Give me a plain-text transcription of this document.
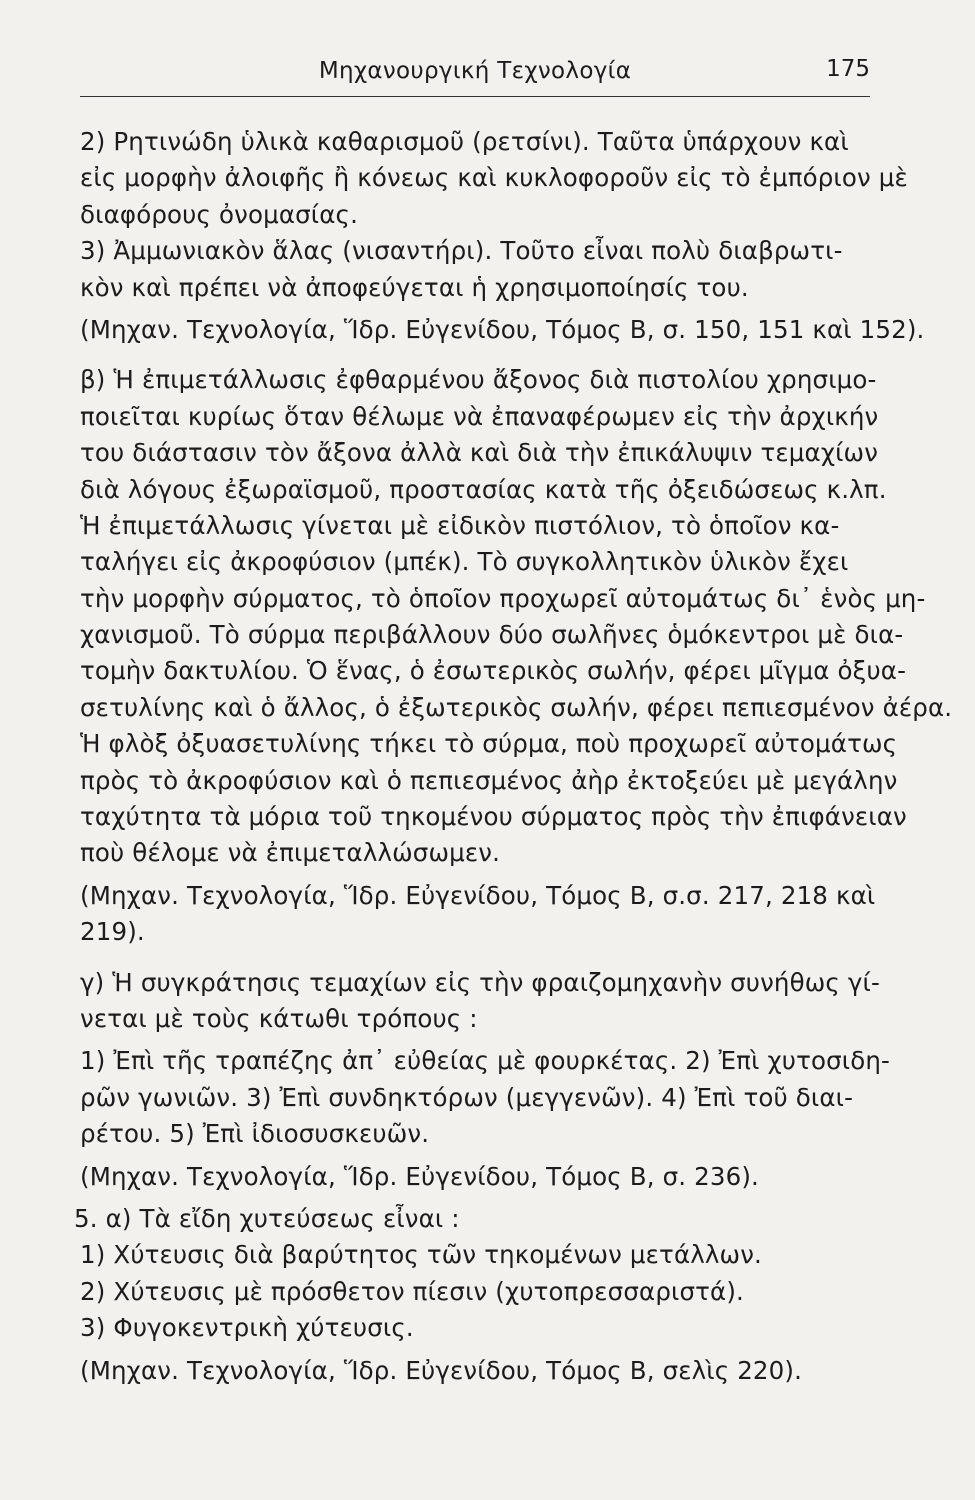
Μηχανουργική Τεχνολογία	175
2) Ρητινώδη ὑλικὰ καθαρισμοῦ (ρετσίνι). Ταῦτα ὑπάρχουν καὶ
εἰς μορφὴν ἀλοιφῆς ἢ κόνεως καὶ κυκλοφοροῦν εἰς τὸ ἐμπόριον μὲ
διαφόρους ὀνομασίας.
3) Ἀμμωνιακὸν ἅλας (νισαντήρι). Τοῦτο εἶναι πολὺ διαβρωτι-
κὸν καὶ πρέπει νὰ ἀποφεύγεται ἡ χρησιμοποίησίς του.
(Μηχαν. Τεχνολογία, Ἵδρ. Εὐγενίδου, Τόμος Β, σ. 150, 151 καὶ 152).
β) Ἡ ἐπιμετάλλωσις ἐφθαρμένου ἄξονος διὰ πιστολίου χρησιμο-
ποιεῖται κυρίως ὅταν θέλωμε νὰ ἐπαναφέρωμεν εἰς τὴν ἀρχικήν
του διάστασιν τὸν ἄξονα ἀλλὰ καὶ διὰ τὴν ἐπικάλυψιν τεμαχίων
διὰ λόγους ἐξωραϊσμοῦ, προστασίας κατὰ τῆς ὀξειδώσεως κ.λπ.
Ἡ ἐπιμετάλλωσις γίνεται μὲ εἰδικὸν πιστόλιον, τὸ ὁποῖον κα-
ταλήγει εἰς ἀκροφύσιον (μπέκ). Τὸ συγκολλητικὸν ὑλικὸν ἔχει
τὴν μορφὴν σύρματος, τὸ ὁποῖον προχωρεῖ αὐτομάτως δι᾽ ἑνὸς μη-
χανισμοῦ. Τὸ σύρμα περιβάλλουν δύο σωλῆνες ὁμόκεντροι μὲ δια-
τομὴν δακτυλίου. Ὁ ἕνας, ὁ ἐσωτερικὸς σωλήν, φέρει μῖγμα ὀξυα-
σετυλίνης καὶ ὁ ἄλλος, ὁ ἐξωτερικὸς σωλήν, φέρει πεπιεσμένον ἀέρα.
Ἡ φλὸξ ὀξυασετυλίνης τήκει τὸ σύρμα, ποὺ προχωρεῖ αὐτομάτως
πρὸς τὸ ἀκροφύσιον καὶ ὁ πεπιεσμένος ἀὴρ ἐκτοξεύει μὲ μεγάλην
ταχύτητα τὰ μόρια τοῦ τηκομένου σύρματος πρὸς τὴν ἐπιφάνειαν
ποὺ θέλομε νὰ ἐπιμεταλλώσωμεν.
(Μηχαν. Τεχνολογία, Ἵδρ. Εὐγενίδου, Τόμος Β, σ.σ. 217, 218 καὶ
219).
γ) Ἡ συγκράτησις τεμαχίων εἰς τὴν φραιζομηχανὴν συνήθως γί-
νεται μὲ τοὺς κάτωθι τρόπους :
1) Ἐπὶ τῆς τραπέζης ἀπ᾽ εὐθείας μὲ φουρκέτας. 2) Ἐπὶ χυτοσιδη-
ρῶν γωνιῶν. 3) Ἐπὶ συνδηκτόρων (μεγγενῶν). 4) Ἐπὶ τοῦ διαι-
ρέτου. 5) Ἐπὶ ἰδιοσυσκευῶν.
(Μηχαν. Τεχνολογία, Ἵδρ. Εὐγενίδου, Τόμος Β, σ. 236).
5. α) Τὰ εἴδη χυτεύσεως εἶναι :
1) Χύτευσις διὰ βαρύτητος τῶν τηκομένων μετάλλων.
2) Χύτευσις μὲ πρόσθετον πίεσιν (χυτοπρεσσαριστά).
3) Φυγοκεντρικὴ χύτευσις.
(Μηχαν. Τεχνολογία, Ἵδρ. Εὐγενίδου, Τόμος Β, σελὶς 220).
